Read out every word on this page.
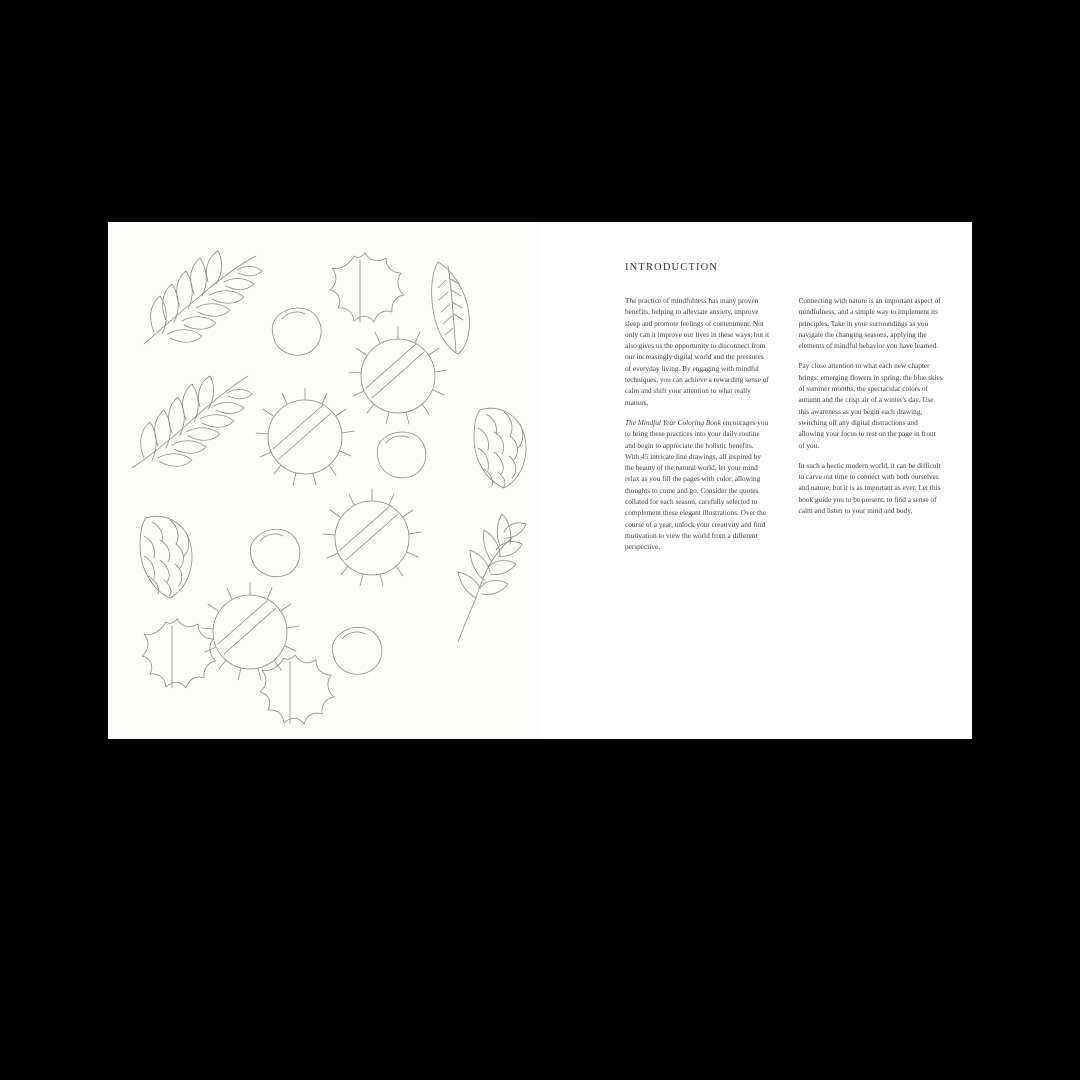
INTRODUCTION

The practice of mindfulness has many proven benefits, helping to alleviate anxiety, improve sleep and promote feelings of contentment. Not only can it improve our lives in these ways, but it also gives us the opportunity to disconnect from our increasingly digital world and the pressures of everyday living. By engaging with mindful techniques, you can achieve a rewarding sense of calm and shift your attention to what really matters.

The Mindful Year Coloring Book encourages you to bring these practices into your daily routine and begin to appreciate the holistic benefits. With 45 intricate line drawings, all inspired by the beauty of the natural world, let your mind relax as you fill the pages with color, allowing thoughts to come and go. Consider the quotes collated for each season, carefully selected to complement these elegant illustrations. Over the course of a year, unlock your creativity and find motivation to view the world from a different perspective.

Connecting with nature is an important aspect of mindfulness, and a simple way to implement its principles. Take in your surroundings as you navigate the changing seasons, applying the elements of mindful behavior you have learned.

Pay close attention to what each new chapter brings: emerging flowers in spring, the blue skies of summer months, the spectacular colors of autumn and the crisp air of a winter's day. Use this awareness as you begin each drawing, switching off any digital distractions and allowing your focus to rest on the page in front of you.

In such a hectic modern world, it can be difficult to carve out time to connect with both ourselves and nature, but it is as important as ever. Let this book guide you to be present, to find a sense of calm and listen to your mind and body.
